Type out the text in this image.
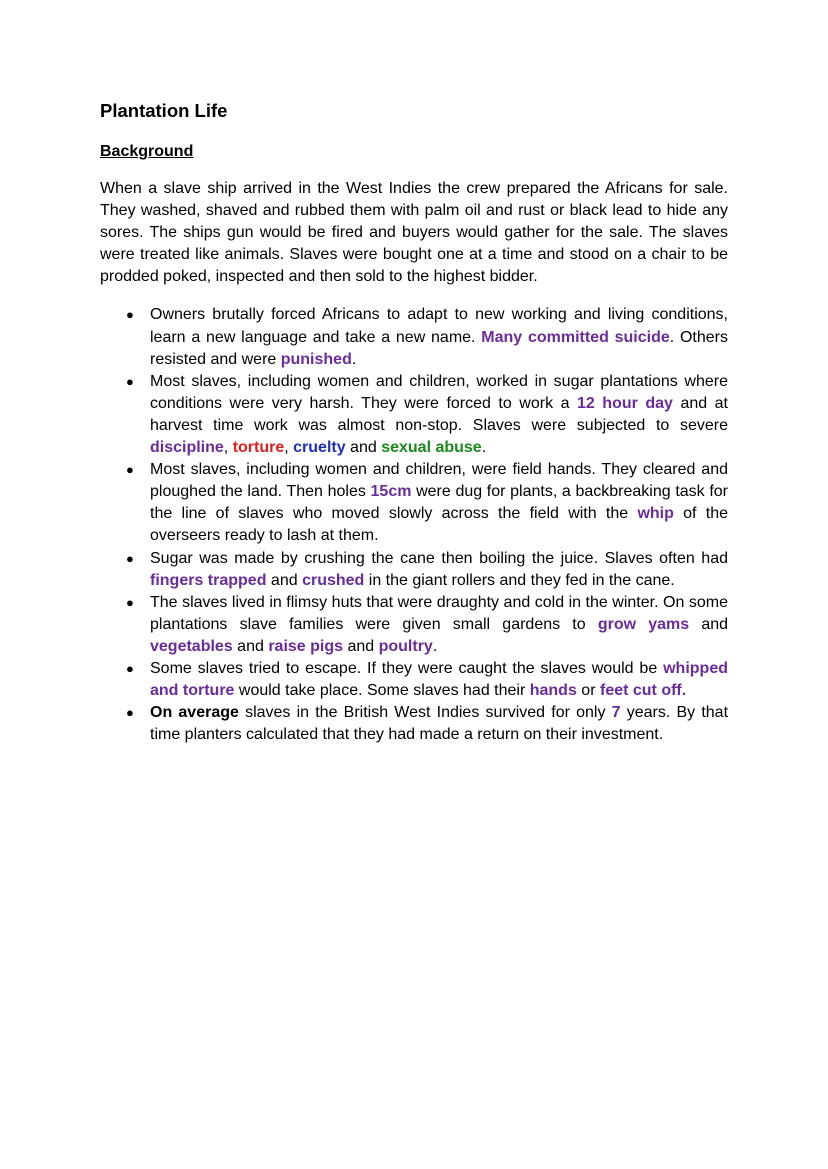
Plantation Life
Background

When a slave ship arrived in the West Indies the crew prepared the Africans for sale. They washed, shaved and rubbed them with palm oil and rust or black lead to hide any sores. The ships gun would be fired and buyers would gather for the sale. The slaves were treated like animals. Slaves were bought one at a time and stood on a chair to be prodded poked, inspected and then sold to the highest bidder.

● Owners brutally forced Africans to adapt to new working and living conditions, learn a new language and take a new name. Many committed suicide. Others resisted and were punished.
● Most slaves, including women and children, worked in sugar plantations where conditions were very harsh. They were forced to work a 12 hour day and at harvest time work was almost non-stop. Slaves were subjected to severe discipline, torture, cruelty and sexual abuse.
● Most slaves, including women and children, were field hands. They cleared and ploughed the land. Then holes 15cm were dug for plants, a backbreaking task for the line of slaves who moved slowly across the field with the whip of the overseers ready to lash at them.
● Sugar was made by crushing the cane then boiling the juice. Slaves often had fingers trapped and crushed in the giant rollers and they fed in the cane.
● The slaves lived in flimsy huts that were draughty and cold in the winter. On some plantations slave families were given small gardens to grow yams and vegetables and raise pigs and poultry.
● Some slaves tried to escape. If they were caught the slaves would be whipped and torture would take place. Some slaves had their hands or feet cut off.
● On average slaves in the British West Indies survived for only 7 years. By that time planters calculated that they had made a return on their investment.
